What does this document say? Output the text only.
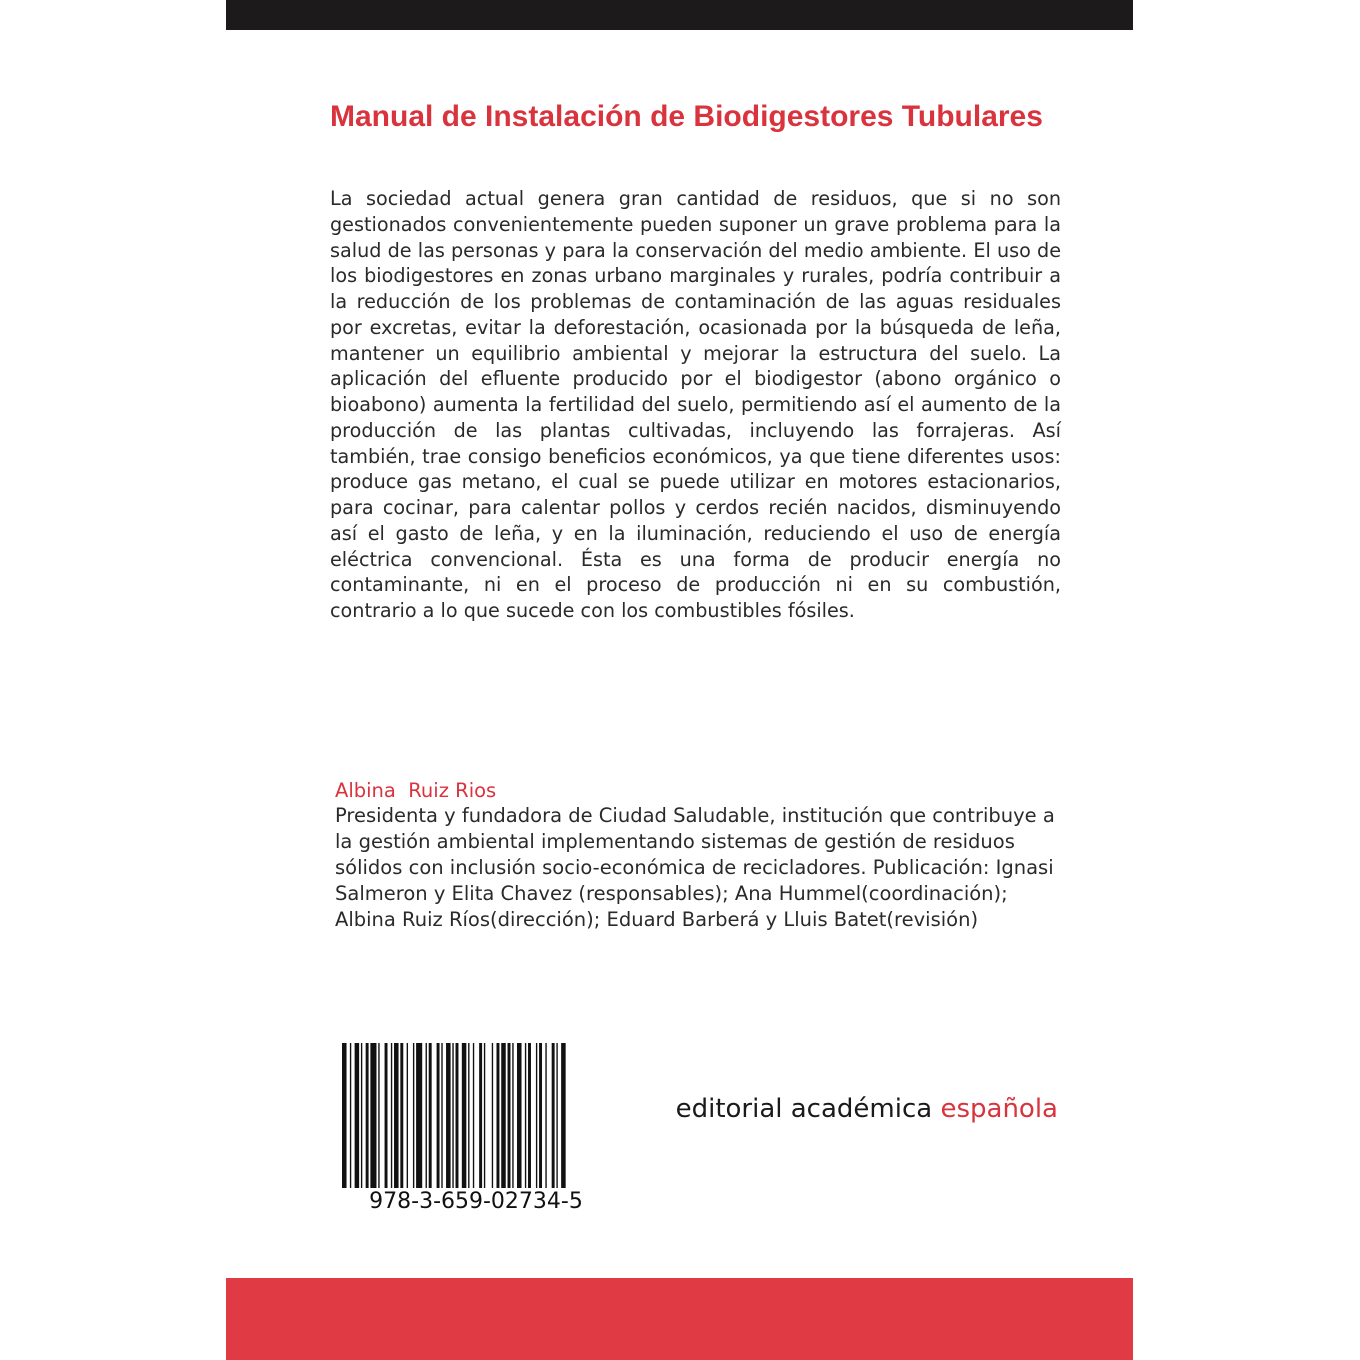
Manual de Instalación de Biodigestores Tubulares

La sociedad actual genera gran cantidad de residuos, que si no son gestionados convenientemente pueden suponer un grave problema para la salud de las personas y para la conservación del medio ambiente. El uso de los biodigestores en zonas urbano marginales y rurales, podría contribuir a la reducción de los problemas de contaminación de las aguas residuales por excretas, evitar la deforestación, ocasionada por la búsqueda de leña, mantener un equilibrio ambiental y mejorar la estructura del suelo. La aplicación del efluente producido por el biodigestor (abono orgánico o bioabono) aumenta la fertilidad del suelo, permitiendo así el aumento de la producción de las plantas cultivadas, incluyendo las forrajeras. Así también, trae consigo beneficios económicos, ya que tiene diferentes usos: produce gas metano, el cual se puede utilizar en motores estacionarios, para cocinar, para calentar pollos y cerdos recién nacidos, disminuyendo así el gasto de leña, y en la iluminación, reduciendo el uso de energía eléctrica convencional. Ésta es una forma de producir energía no contaminante, ni en el proceso de producción ni en su combustión, contrario a lo que sucede con los combustibles fósiles.

Albina  Ruiz Rios

Presidenta y fundadora de Ciudad Saludable, institución que contribuye a la gestión ambiental implementando sistemas de gestión de residuos sólidos con inclusión socio-económica de recicladores. Publicación: Ignasi Salmeron y Elita Chavez (responsables); Ana Hummel(coordinación); Albina Ruiz Ríos(dirección); Eduard Barberá y Lluis Batet(revisión)

978-3-659-02734-5
editorial académica española
